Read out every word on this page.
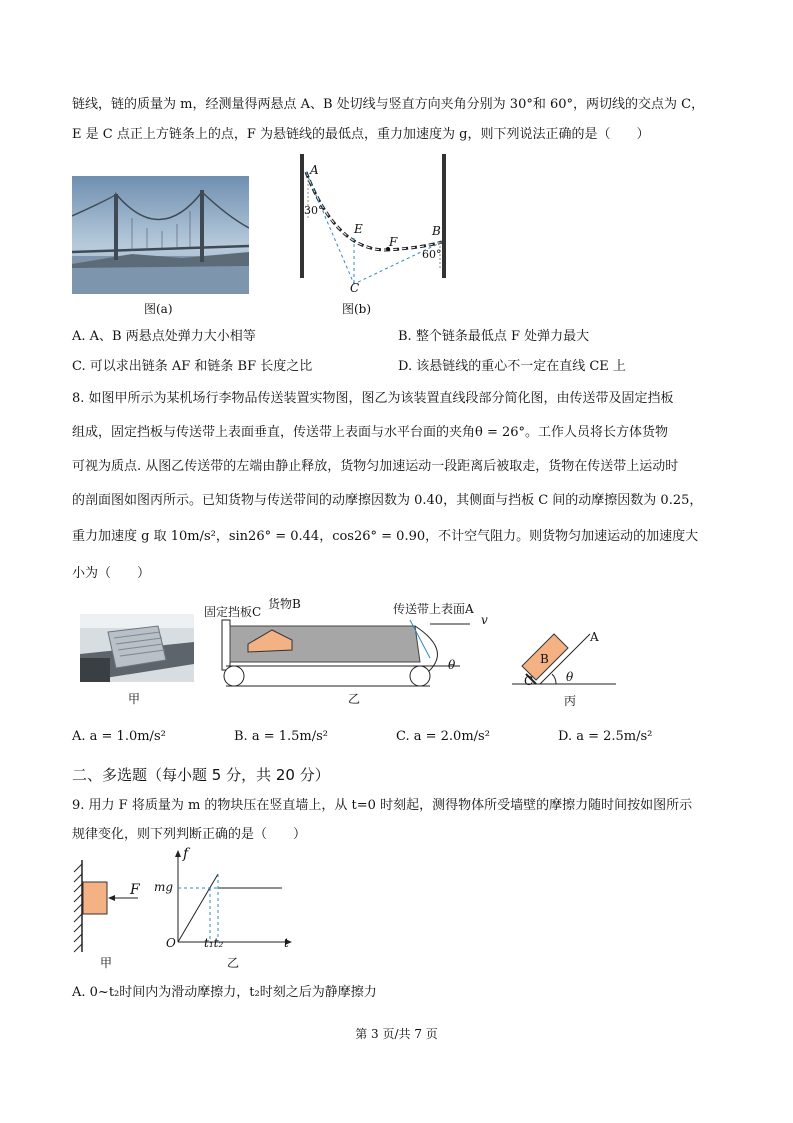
链线，链的质量为 m，经测量得两悬点 A、B 处切线与竖直方向夹角分别为 30°和 60°，两切线的交点为 C，
E 是 C 点正上方链条上的点，F 为悬链线的最低点，重力加速度为 g，则下列说法正确的是（　　）
图(a)
A
30°
E
F
B
60°
C
图(b)
A. A、B 两悬点处弹力大小相等	B. 整个链条最低点 F 处弹力最大
C. 可以求出链条 AF 和链条 BF 长度之比	D. 该悬链线的重心不一定在直线 CE 上
8. 如图甲所示为某机场行李物品传送装置实物图，图乙为该装置直线段部分简化图，由传送带及固定挡板
组成，固定挡板与传送带上表面垂直，传送带上表面与水平台面的夹角θ = 26°。工作人员将长方体货物
可视为质点. 从图乙传送带的左端由静止释放，货物匀加速运动一段距离后被取走，货物在传送带上运动时
的剖面图如图丙所示。已知货物与传送带间的动摩擦因数为 0.40，其侧面与挡板 C 间的动摩擦因数为 0.25，
重力加速度 g 取 10m/s²，sin26° = 0.44，cos26° = 0.90，不计空气阻力。则货物匀加速运动的加速度大
小为（　　）
甲
固定挡板C
货物B	传送带上表面A
v
θ
乙
B
A
C	θ
丙
A. a = 1.0m/s²	B. a = 1.5m/s²	C. a = 2.0m/s²	D. a = 2.5m/s²
二、多选题（每小题 5 分，共 20 分）
9. 用力 F 将质量为 m 的物块压在竖直墙上，从 t=0 时刻起，测得物体所受墙壁的摩擦力随时间按如图所示
规律变化，则下列判断正确的是（　　）
F
甲
f
mg
O t₁t₂	t
乙
A. 0~t₂时间内为滑动摩擦力，t₂时刻之后为静摩擦力
第 3 页/共 7 页
